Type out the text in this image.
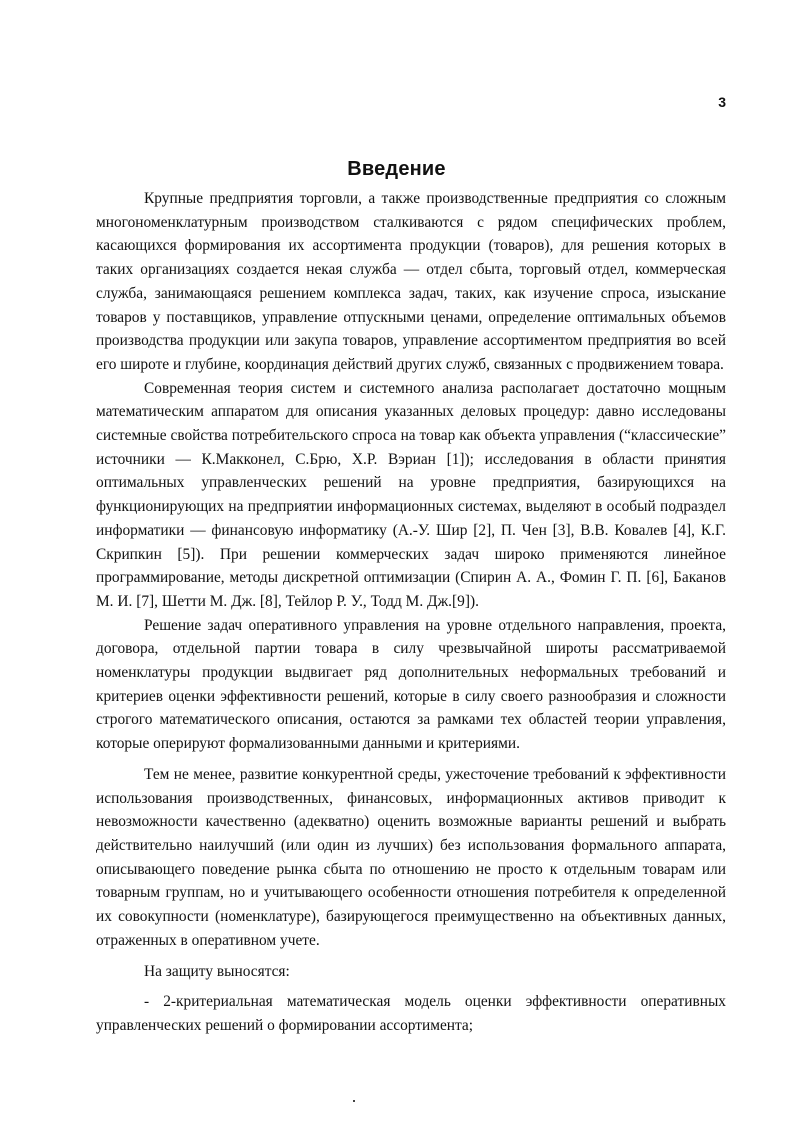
3
Введение

Крупные предприятия торговли, а также производственные предприятия со сложным многономенклатурным производством сталкиваются с рядом специфических проблем, касающихся формирования их ассортимента продукции (товаров), для решения которых в таких организациях создается некая служба — отдел сбыта, торговый отдел, коммерческая служба, занимающаяся решением комплекса задач, таких, как изучение спроса, изыскание товаров у поставщиков, управление отпускными ценами, определение оптимальных объемов производства продукции или закупа товаров, управление ассортиментом предприятия во всей его широте и глубине, координация действий других служб, связанных с продвижением товара.

Современная теория систем и системного анализа располагает достаточно мощным математическим аппаратом для описания указанных деловых процедур: давно исследованы системные свойства потребительского спроса на товар как объекта управления (“классические” источники — К.Макконел, С.Брю, Х.Р. Вэриан [1]); исследования в области принятия оптимальных управленческих решений на уровне предприятия, базирующихся на функционирующих на предприятии информационных системах, выделяют в особый подраздел информатики — финансовую информатику (А.-У. Шир [2], П. Чен [3], В.В. Ковалев [4], К.Г. Скрипкин [5]). При решении коммерческих задач широко применяются линейное программирование, методы дискретной оптимизации (Спирин А. А., Фомин Г. П. [6], Баканов М. И. [7], Шетти М. Дж. [8], Тейлор Р. У., Тодд М. Дж.[9]).

Решение задач оперативного управления на уровне отдельного направления, проекта, договора, отдельной партии товара в силу чрезвычайной широты рассматриваемой номенклатуры продукции выдвигает ряд дополнительных неформальных требований и критериев оценки эффективности решений, которые в силу своего разнообразия и сложности строгого математического описания, остаются за рамками тех областей теории управления, которые оперируют формализованными данными и критериями.

Тем не менее, развитие конкурентной среды, ужесточение требований к эффективности использования производственных, финансовых, информационных активов приводит к невозможности качественно (адекватно) оценить возможные варианты решений и выбрать действительно наилучший (или один из лучших) без использования формального аппарата, описывающего поведение рынка сбыта по отношению не просто к отдельным товарам или товарным группам, но и учитывающего особенности отношения потребителя к определенной их совокупности (номенклатуре), базирующегося преимущественно на объективных данных, отраженных в оперативном учете.

На защиту выносятся:

- 2-критериальная математическая модель оценки эффективности оперативных управленческих решений о формировании ассортимента;
